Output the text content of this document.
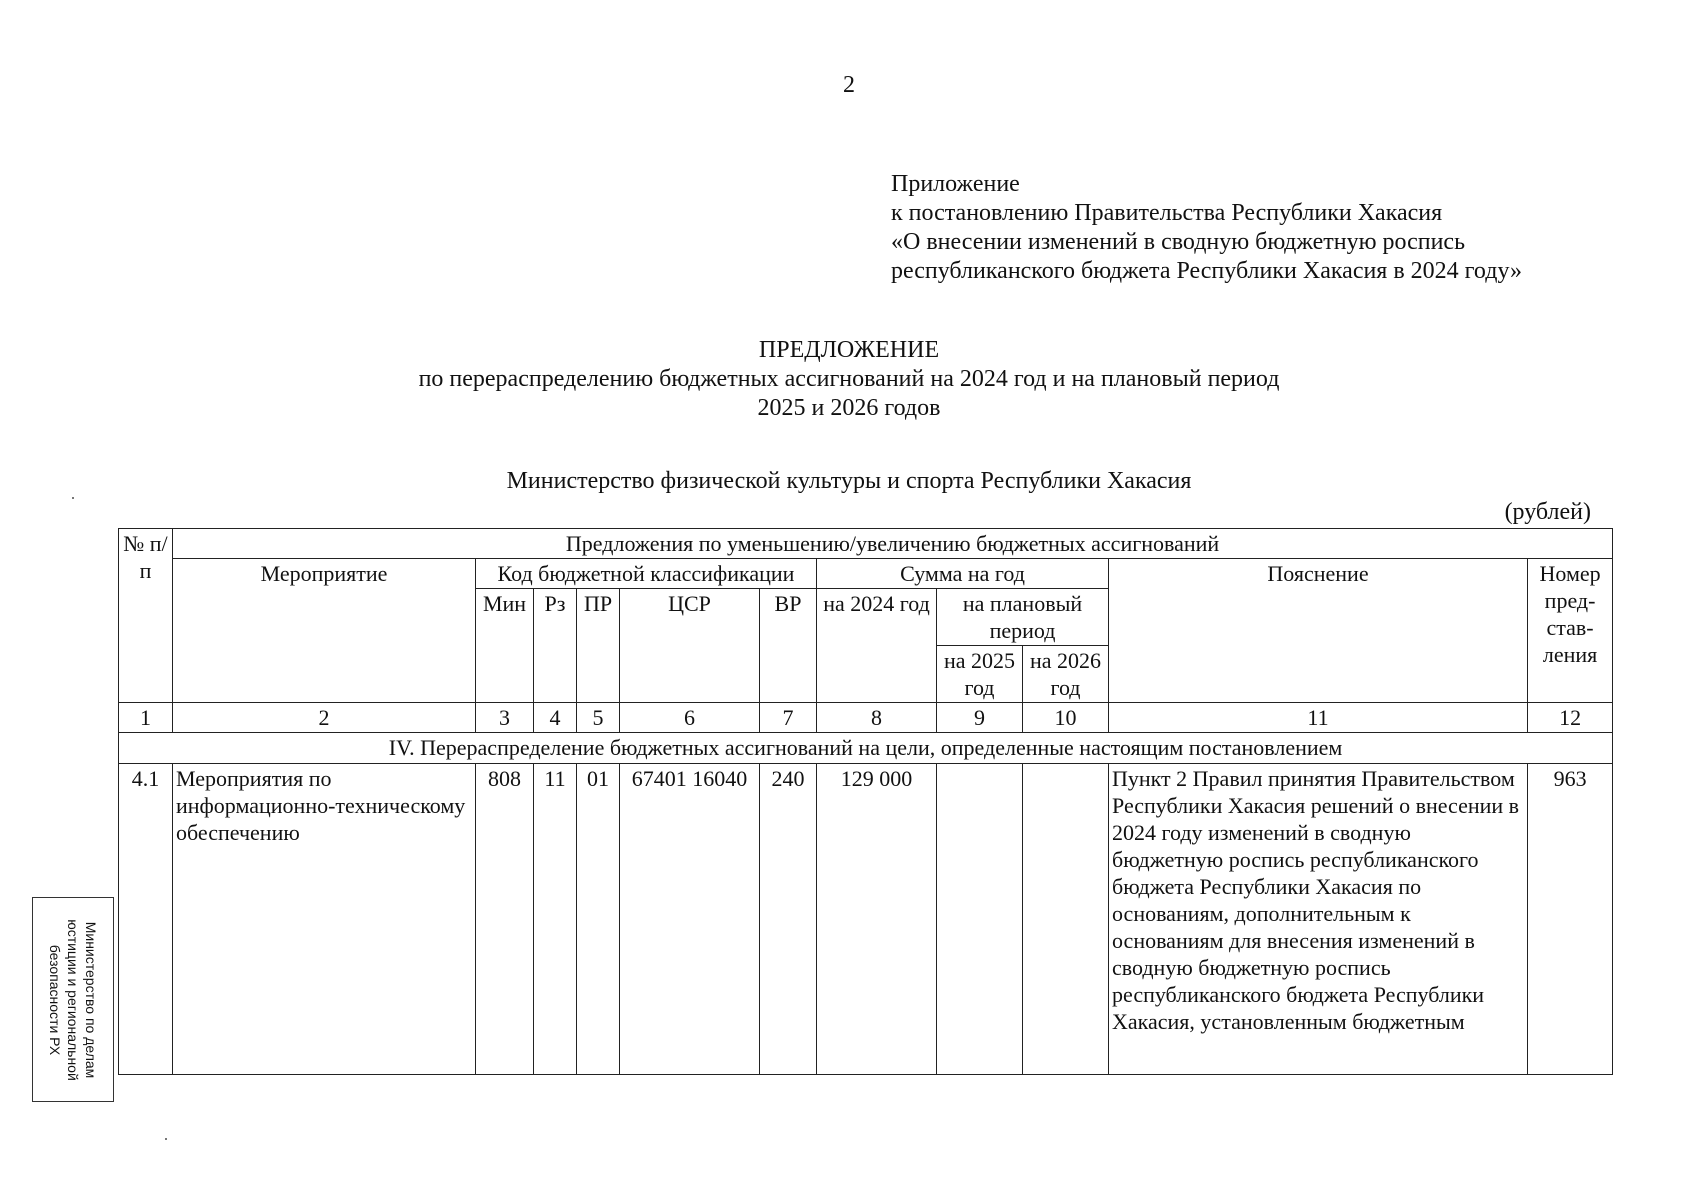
2
Приложение
к постановлению Правительства Республики Хакасия
«О внесении изменений в сводную бюджетную роспись
республиканского бюджета Республики Хакасия в 2024 году»
ПРЕДЛОЖЕНИЕ
по перераспределению бюджетных ассигнований на 2024 год и на плановый период
2025 и 2026 годов
Министерство физической культуры и спорта Республики Хакасия
(рублей)
№ п/п	Предложения по уменьшению/увеличению бюджетных ассигнований										
	Мероприятие	Код бюджетной классификации					Сумма на год			Пояснение	Номер пред-став-ления
		Мин	Рз	ПР	ЦСР	ВР	на 2024 год	на плановый период			

								на 2025 год	на 2026 год		
1	2	3	4	5	6	7	8	9	10	11	12
IV. Перераспределение бюджетных ассигнований на цели, определенные настоящим постановлением											
4.1	Мероприятия по информационно-техническому обеспечению	808	11	01	67401 16040	240	129 000			Пункт 2 Правил принятия Правительством Республики Хакасия решений о внесении в 2024 году изменений в сводную бюджетную роспись республиканского бюджета Республики Хакасия по основаниям, дополнительным к основаниям для внесения изменений в сводную бюджетную роспись республиканского бюджета Республики Хакасия, установленным бюджетным	963
Министерство по делам
юстиции и региональной
безопасности РХ
